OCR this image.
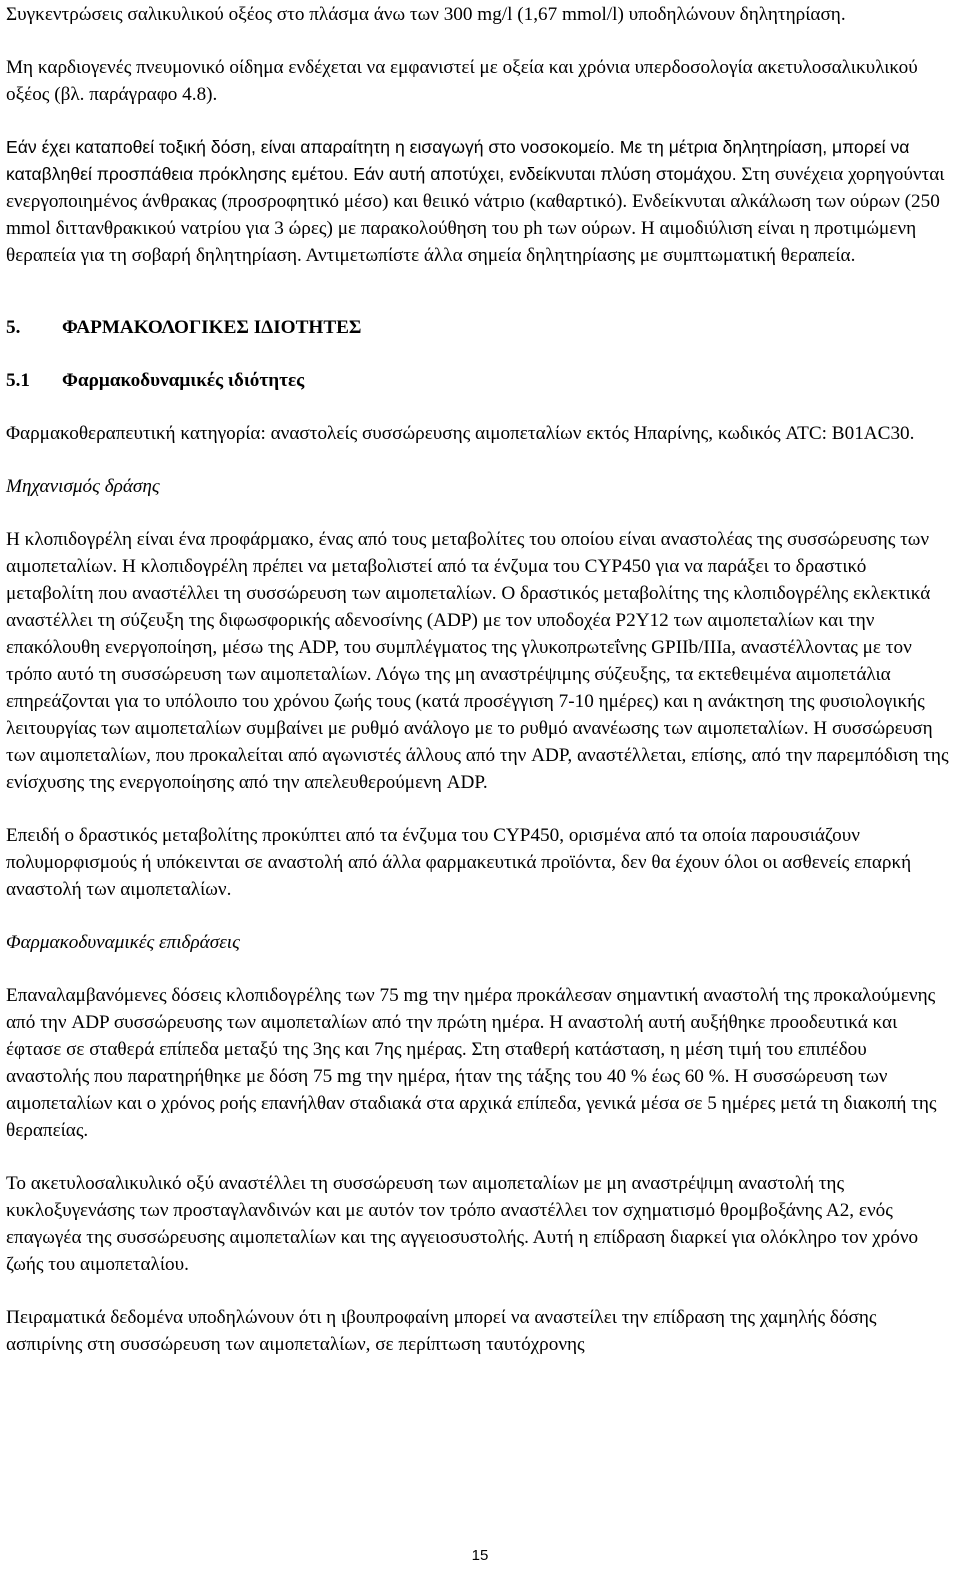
Συγκεντρώσεις σαλικυλικού οξέος στο πλάσμα άνω των 300 mg/l (1,67 mmol/l) υποδηλώνουν δηλητηρίαση.

Μη καρδιογενές πνευμονικό οίδημα ενδέχεται να εμφανιστεί με οξεία και χρόνια υπερδοσολογία ακετυλοσαλικυλικού οξέος (βλ. παράγραφο 4.8).

Εάν έχει καταποθεί τοξική δόση, είναι απαραίτητη η εισαγωγή στο νοσοκομείο. Με τη μέτρια δηλητηρίαση, μπορεί να καταβληθεί προσπάθεια πρόκλησης εμέτου. Εάν αυτή αποτύχει, ενδείκνυται πλύση στομάχου. Στη συνέχεια χορηγούνται ενεργοποιημένος άνθρακας (προσροφητικό μέσο) και θειικό νάτριο (καθαρτικό). Ενδείκνυται αλκάλωση των ούρων (250 mmol διττανθρακικού νατρίου για 3 ώρες) με παρακολούθηση του ph των ούρων. Η αιμοδιύλιση είναι η προτιμώμενη θεραπεία για τη σοβαρή δηλητηρίαση. Αντιμετωπίστε άλλα σημεία δηλητηρίασης με συμπτωματική θεραπεία.

5.	ΦΑΡΜΑΚΟΛΟΓΙΚΕΣ ΙΔΙΟΤΗΤΕΣ
5.1	Φαρμακοδυναμικές ιδιότητες

Φαρμακοθεραπευτική κατηγορία: αναστολείς συσσώρευσης αιμοπεταλίων εκτός Ηπαρίνης, κωδικός ATC: B01AC30.

Μηχανισμός δράσης

Η κλοπιδογρέλη είναι ένα προφάρμακο, ένας από τους μεταβολίτες του οποίου είναι αναστολέας της συσσώρευσης των αιμοπεταλίων. Η κλοπιδογρέλη πρέπει να μεταβολιστεί από τα ένζυμα του CYP450 για να παράξει το δραστικό μεταβολίτη που αναστέλλει τη συσσώρευση των αιμοπεταλίων. Ο δραστικός μεταβολίτης της κλοπιδογρέλης εκλεκτικά αναστέλλει τη σύζευξη της διφωσφορικής αδενοσίνης (ADP) με τον υποδοχέα P2Y12 των αιμοπεταλίων και την επακόλουθη ενεργοποίηση, μέσω της ADP, του συμπλέγματος της γλυκοπρωτεΐνης GPIIb/IIIa, αναστέλλοντας με τον τρόπο αυτό τη συσσώρευση των αιμοπεταλίων. Λόγω της μη αναστρέψιμης σύζευξης, τα εκτεθειμένα αιμοπετάλια επηρεάζονται για το υπόλοιπο του χρόνου ζωής τους (κατά προσέγγιση 7-10 ημέρες) και η ανάκτηση της φυσιολογικής λειτουργίας των αιμοπεταλίων συμβαίνει με ρυθμό ανάλογο με το ρυθμό ανανέωσης των αιμοπεταλίων. Η συσσώρευση των αιμοπεταλίων, που προκαλείται από αγωνιστές άλλους από την ADP, αναστέλλεται, επίσης, από την παρεμπόδιση της ενίσχυσης της ενεργοποίησης από την απελευθερούμενη ADP.

Επειδή ο δραστικός μεταβολίτης προκύπτει από τα ένζυμα του CYP450, ορισμένα από τα οποία παρουσιάζουν πολυμορφισμούς ή υπόκεινται σε αναστολή από άλλα φαρμακευτικά προϊόντα, δεν θα έχουν όλοι οι ασθενείς επαρκή αναστολή των αιμοπεταλίων.

Φαρμακοδυναμικές επιδράσεις

Επαναλαμβανόμενες δόσεις κλοπιδογρέλης των 75 mg την ημέρα προκάλεσαν σημαντική αναστολή της προκαλούμενης από την ADP συσσώρευσης των αιμοπεταλίων από την πρώτη ημέρα. Η αναστολή αυτή αυξήθηκε προοδευτικά και έφτασε σε σταθερά επίπεδα μεταξύ της 3ης και 7ης ημέρας. Στη σταθερή κατάσταση, η μέση τιμή του επιπέδου αναστολής που παρατηρήθηκε με δόση 75 mg την ημέρα, ήταν της τάξης του 40 % έως 60 %. Η συσσώρευση των αιμοπεταλίων και ο χρόνος ροής επανήλθαν σταδιακά στα αρχικά επίπεδα, γενικά μέσα σε 5 ημέρες μετά τη διακοπή της θεραπείας.

Το ακετυλοσαλικυλικό οξύ αναστέλλει τη συσσώρευση των αιμοπεταλίων με μη αναστρέψιμη αναστολή της κυκλοξυγενάσης των προσταγλανδινών και με αυτόν τον τρόπο αναστέλλει τον σχηματισμό θρομβοξάνης Α2, ενός επαγωγέα της συσσώρευσης αιμοπεταλίων και της αγγειοσυστολής. Αυτή η επίδραση διαρκεί για ολόκληρο τον χρόνο ζωής του αιμοπεταλίου.

Πειραματικά δεδομένα υποδηλώνουν ότι η ιβουπροφαίνη μπορεί να αναστείλει την επίδραση της χαμηλής δόσης ασπιρίνης στη συσσώρευση των αιμοπεταλίων, σε περίπτωση ταυτόχρονης

15
